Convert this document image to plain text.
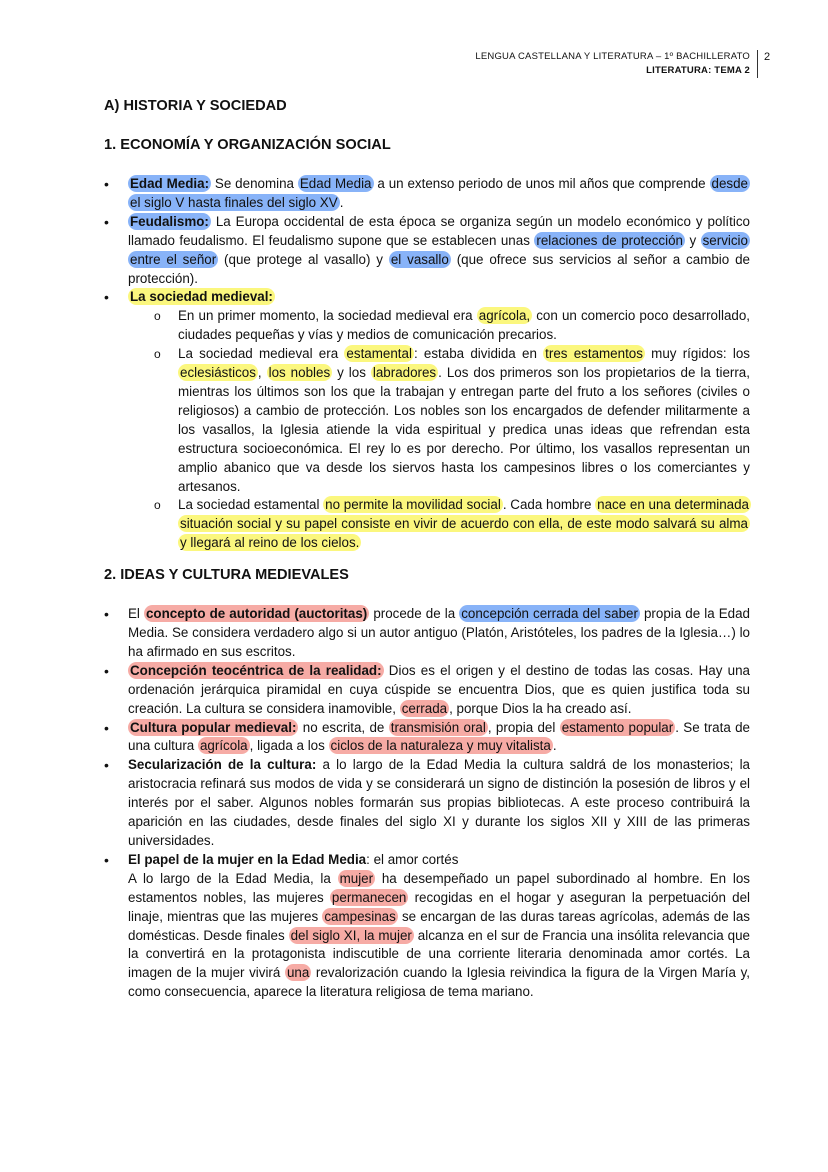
LENGUA CASTELLANA Y LITERATURA – 1º BACHILLERATO
LITERATURA: TEMA 2
2
A) HISTORIA Y SOCIEDAD
1. ECONOMÍA Y ORGANIZACIÓN SOCIAL
• Edad Media: Se denomina Edad Media a un extenso periodo de unos mil años que comprende desde el siglo V hasta finales del siglo XV .
• Feudalismo: La Europa occidental de esta época se organiza según un modelo económico y político llamado feudalismo. El feudalismo supone que se establecen unas relaciones de protección y servicio entre el señor (que protege al vasallo) y el vasallo (que ofrece sus servicios al señor a cambio de protección).
• La sociedad medieval:
o En un primer momento, la sociedad medieval era agrícola, con un comercio poco desarrollado, ciudades pequeñas y vías y medios de comunicación precarios.
o La sociedad medieval era estamental : estaba dividida en tres estamentos muy rígidos: los eclesiásticos , los nobles y los labradores . Los dos primeros son los propietarios de la tierra, mientras los últimos son los que la trabajan y entregan parte del fruto a los señores (civiles o religiosos) a cambio de protección. Los nobles son los encargados de defender militarmente a los vasallos, la Iglesia atiende la vida espiritual y predica unas ideas que refrendan esta estructura socioeconómica. El rey lo es por derecho. Por último, los vasallos representan un amplio abanico que va desde los siervos hasta los campesinos libres o los comerciantes y artesanos.
o La sociedad estamental no permite la movilidad social . Cada hombre nace en una determinada situación social y su papel consiste en vivir de acuerdo con ella, de este modo salvará su alma y llegará al reino de los cielos.
2. IDEAS Y CULTURA MEDIEVALES
• El concepto de autoridad (auctoritas) procede de la concepción cerrada del saber propia de la Edad Media. Se considera verdadero algo si un autor antiguo (Platón, Aristóteles, los padres de la Iglesia…) lo ha afirmado en sus escritos.
• Concepción teocéntrica de la realidad: Dios es el origen y el destino de todas las cosas. Hay una ordenación jerárquica piramidal en cuya cúspide se encuentra Dios, que es quien justifica toda su creación. La cultura se considera inamovible, cerrada , porque Dios la ha creado así.
• Cultura popular medieval: no escrita, de transmisión oral , propia del estamento popular . Se trata de una cultura agrícola , ligada a los ciclos de la naturaleza y muy vitalista .
• Secularización de la cultura: a lo largo de la Edad Media la cultura saldrá de los monasterios; la aristocracia refinará sus modos de vida y se considerará un signo de distinción la posesión de libros y el interés por el saber. Algunos nobles formarán sus propias bibliotecas. A este proceso contribuirá la aparición en las ciudades, desde finales del siglo XI y durante los siglos XII y XIII de las primeras universidades.
• El papel de la mujer en la Edad Media: el amor cortés

A lo largo de la Edad Media, la mujer ha desempeñado un papel subordinado al hombre. En los estamentos nobles, las mujeres permanecen recogidas en el hogar y aseguran la perpetuación del linaje, mientras que las mujeres campesinas se encargan de las duras tareas agrícolas, además de las domésticas. Desde finales del siglo XI, la mujer alcanza en el sur de Francia una insólita relevancia que la convertirá en la protagonista indiscutible de una corriente literaria denominada amor cortés. La imagen de la mujer vivirá una revalorización cuando la Iglesia reivindica la figura de la Virgen María y, como consecuencia, aparece la literatura religiosa de tema mariano.
